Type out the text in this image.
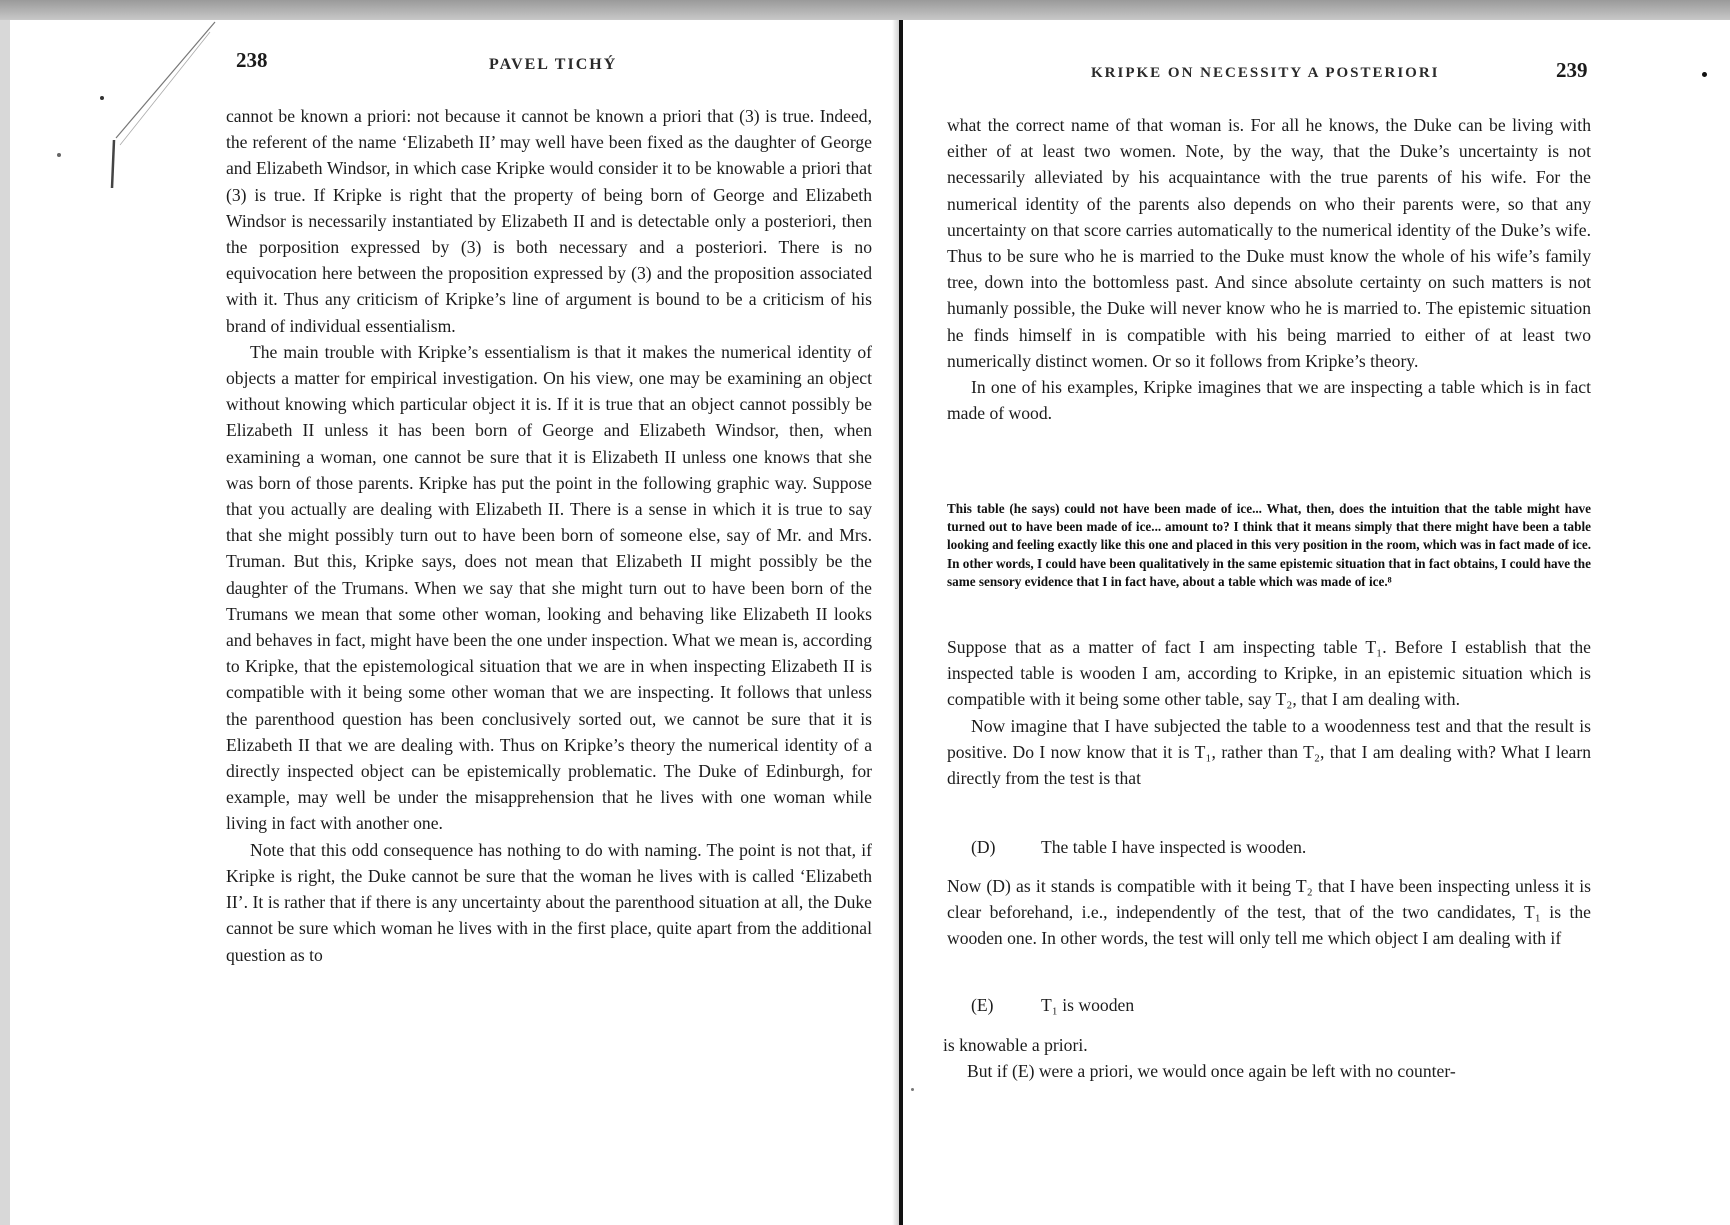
238	PAVEL TICHÝ

cannot be known a priori: not because it cannot be known a priori that (3) is true. Indeed, the referent of the name ‘Elizabeth II’ may well have been fixed as the daughter of George and Elizabeth Windsor, in which case Kripke would consider it to be knowable a priori that (3) is true. If Kripke is right that the property of being born of George and Elizabeth Windsor is necessarily instantiated by Elizabeth II and is detectable only a posteriori, then the porposition expressed by (3) is both necessary and a posteriori. There is no equivocation here between the proposition expressed by (3) and the proposition associated with it. Thus any criticism of Kripke’s line of argument is bound to be a criticism of his brand of individual essentialism.

The main trouble with Kripke’s essentialism is that it makes the numerical identity of objects a matter for empirical investigation. On his view, one may be examining an object without knowing which particular object it is. If it is true that an object cannot possibly be Elizabeth II unless it has been born of George and Elizabeth Windsor, then, when examining a woman, one cannot be sure that it is Elizabeth II unless one knows that she was born of those parents. Kripke has put the point in the following graphic way. Suppose that you actually are dealing with Elizabeth II. There is a sense in which it is true to say that she might possibly turn out to have been born of someone else, say of Mr. and Mrs. Truman. But this, Kripke says, does not mean that Elizabeth II might possibly be the daughter of the Trumans. When we say that she might turn out to have been born of the Trumans we mean that some other woman, looking and behaving like Elizabeth II looks and behaves in fact, might have been the one under inspection. What we mean is, according to Kripke, that the epistemological situation that we are in when inspecting Elizabeth II is compatible with it being some other woman that we are inspecting. It follows that unless the parenthood question has been conclusively sorted out, we cannot be sure that it is Elizabeth II that we are dealing with. Thus on Kripke’s theory the numerical identity of a directly inspected object can be epistemically problematic. The Duke of Edinburgh, for example, may well be under the misapprehension that he lives with one woman while living in fact with another one.

Note that this odd consequence has nothing to do with naming. The point is not that, if Kripke is right, the Duke cannot be sure that the woman he lives with is called ‘Elizabeth II’. It is rather that if there is any uncertainty about the parenthood situation at all, the Duke cannot be sure which woman he lives with in the first place, quite apart from the additional question as to

KRIPKE ON NECESSITY A POSTERIORI	239

what the correct name of that woman is. For all he knows, the Duke can be living with either of at least two women. Note, by the way, that the Duke’s uncertainty is not necessarily alleviated by his acquaintance with the true parents of his wife. For the numerical identity of the parents also depends on who their parents were, so that any uncertainty on that score carries automatically to the numerical identity of the Duke’s wife. Thus to be sure who he is married to the Duke must know the whole of his wife’s family tree, down into the bottomless past. And since absolute certainty on such matters is not humanly possible, the Duke will never know who he is married to. The epistemic situation he finds himself in is compatible with his being married to either of at least two numerically distinct women. Or so it follows from Kripke’s theory.

In one of his examples, Kripke imagines that we are inspecting a table which is in fact made of wood.

This table (he says) could not have been made of ice... What, then, does the intuition that the table might have turned out to have been made of ice... amount to? I think that it means simply that there might have been a table looking and feeling exactly like this one and placed in this very position in the room, which was in fact made of ice. In other words, I could have been qualitatively in the same epistemic situation that in fact obtains, I could have the same sensory evidence that I in fact have, about a table which was made of ice.⁸

Suppose that as a matter of fact I am inspecting table T₁. Before I establish that the inspected table is wooden I am, according to Kripke, in an epistemic situation which is compatible with it being some other table, say T₂, that I am dealing with.

Now imagine that I have subjected the table to a woodenness test and that the result is positive. Do I now know that it is T₁, rather than T₂, that I am dealing with? What I learn directly from the test is that

(D)	The table I have inspected is wooden.

Now (D) as it stands is compatible with it being T₂ that I have been inspecting unless it is clear beforehand, i.e., independently of the test, that of the two candidates, T₁ is the wooden one. In other words, the test will only tell me which object I am dealing with if

(E)	T₁ is wooden

is knowable a priori.

But if (E) were a priori, we would once again be left with no counter-
